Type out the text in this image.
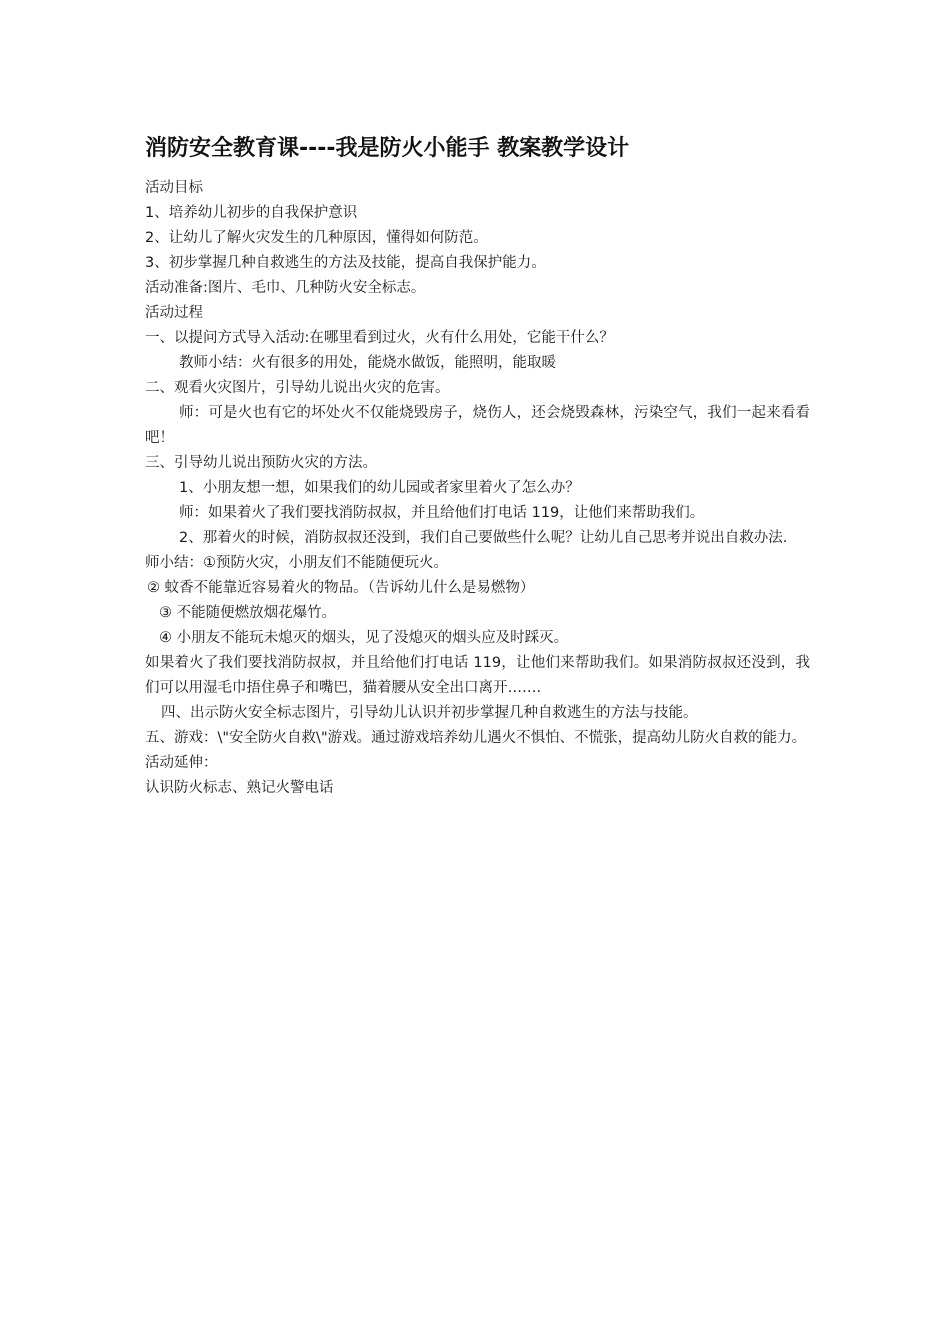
消防安全教育课----我是防火小能手 教案教学设计

活动目标

1、培养幼儿初步的自我保护意识

2、让幼儿了解火灾发生的几种原因，懂得如何防范。

3、初步掌握几种自救逃生的方法及技能，提高自我保护能力。

活动准备:图片、毛巾、几种防火安全标志。

活动过程

一、以提问方式导入活动:在哪里看到过火，火有什么用处，它能干什么？

教师小结：火有很多的用处，能烧水做饭，能照明，能取暖

二、观看火灾图片，引导幼儿说出火灾的危害。

师：可是火也有它的坏处火不仅能烧毁房子，烧伤人，还会烧毁森林，污染空气，我们一起来看看吧！

三、引导幼儿说出预防火灾的方法。

1、小朋友想一想，如果我们的幼儿园或者家里着火了怎么办？

师：如果着火了我们要找消防叔叔，并且给他们打电话 119，让他们来帮助我们。

2、那着火的时候，消防叔叔还没到，我们自己要做些什么呢？让幼儿自己思考并说出自救办法.

师小结：①预防火灾，小朋友们不能随便玩火。

② 蚊香不能靠近容易着火的物品。（告诉幼儿什么是易燃物）

③ 不能随便燃放烟花爆竹。

④ 小朋友不能玩未熄灭的烟头，见了没熄灭的烟头应及时踩灭。

如果着火了我们要找消防叔叔，并且给他们打电话 119，让他们来帮助我们。如果消防叔叔还没到，我们可以用湿毛巾捂住鼻子和嘴巴，猫着腰从安全出口离开…….

四、出示防火安全标志图片，引导幼儿认识并初步掌握几种自救逃生的方法与技能。

五、游戏：\"安全防火自救\"游戏。通过游戏培养幼儿遇火不惧怕、不慌张，提高幼儿防火自救的能力。

活动延伸：

认识防火标志、熟记火警电话
